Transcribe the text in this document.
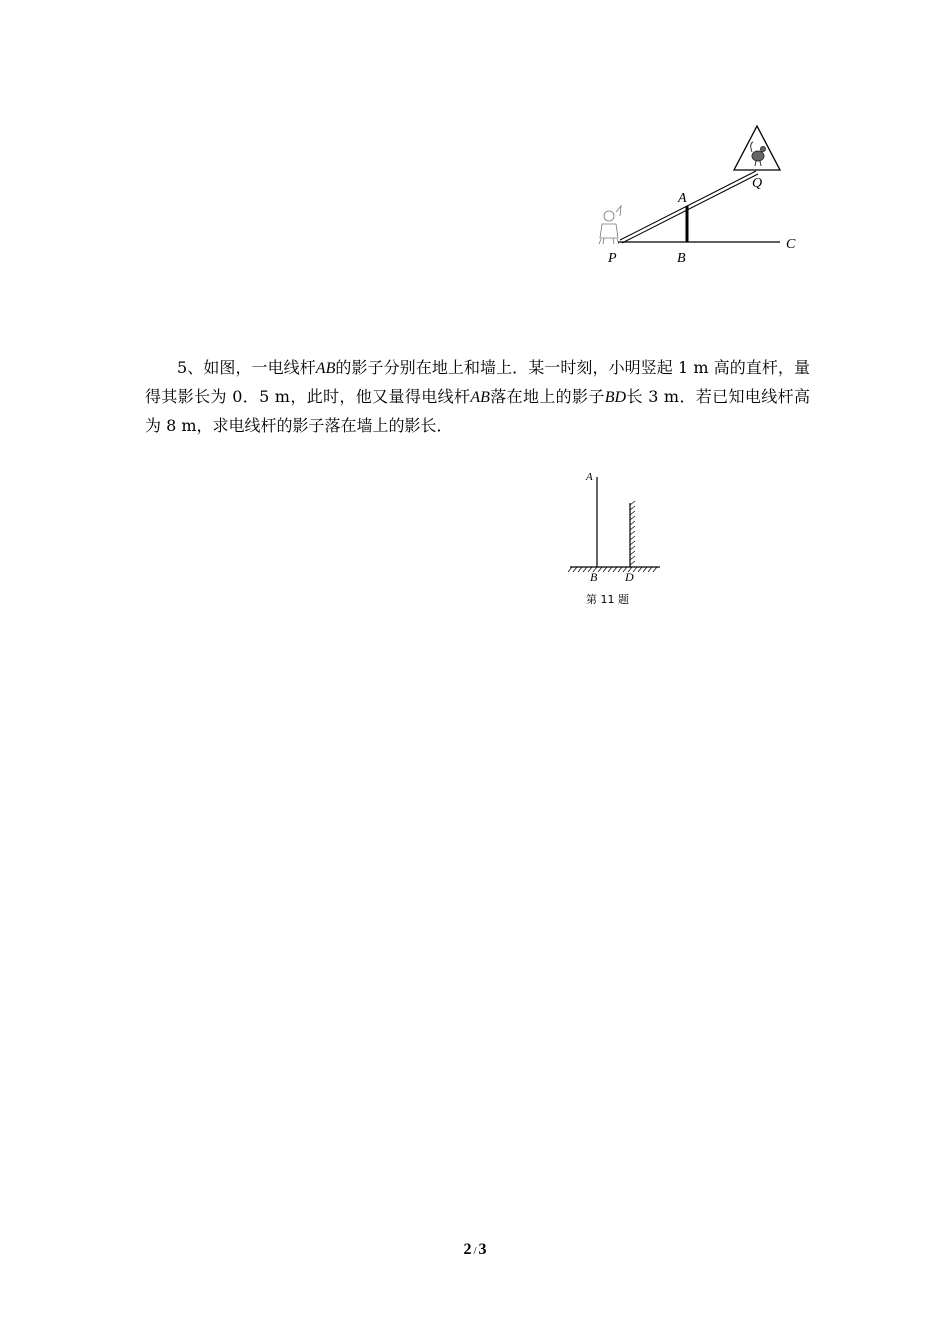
A
B
C
P
Q

5、如图，一电线杆AB的影子分别在地上和墙上．某一时刻，小明竖起 1 m 高的直杆，量得其影长为 0．5 m，此时，他又量得电线杆AB落在地上的影子BD长 3 m．若已知电线杆高为 8 m，求电线杆的影子落在墙上的影长．

A
B D
第 11 题
2 / 3
